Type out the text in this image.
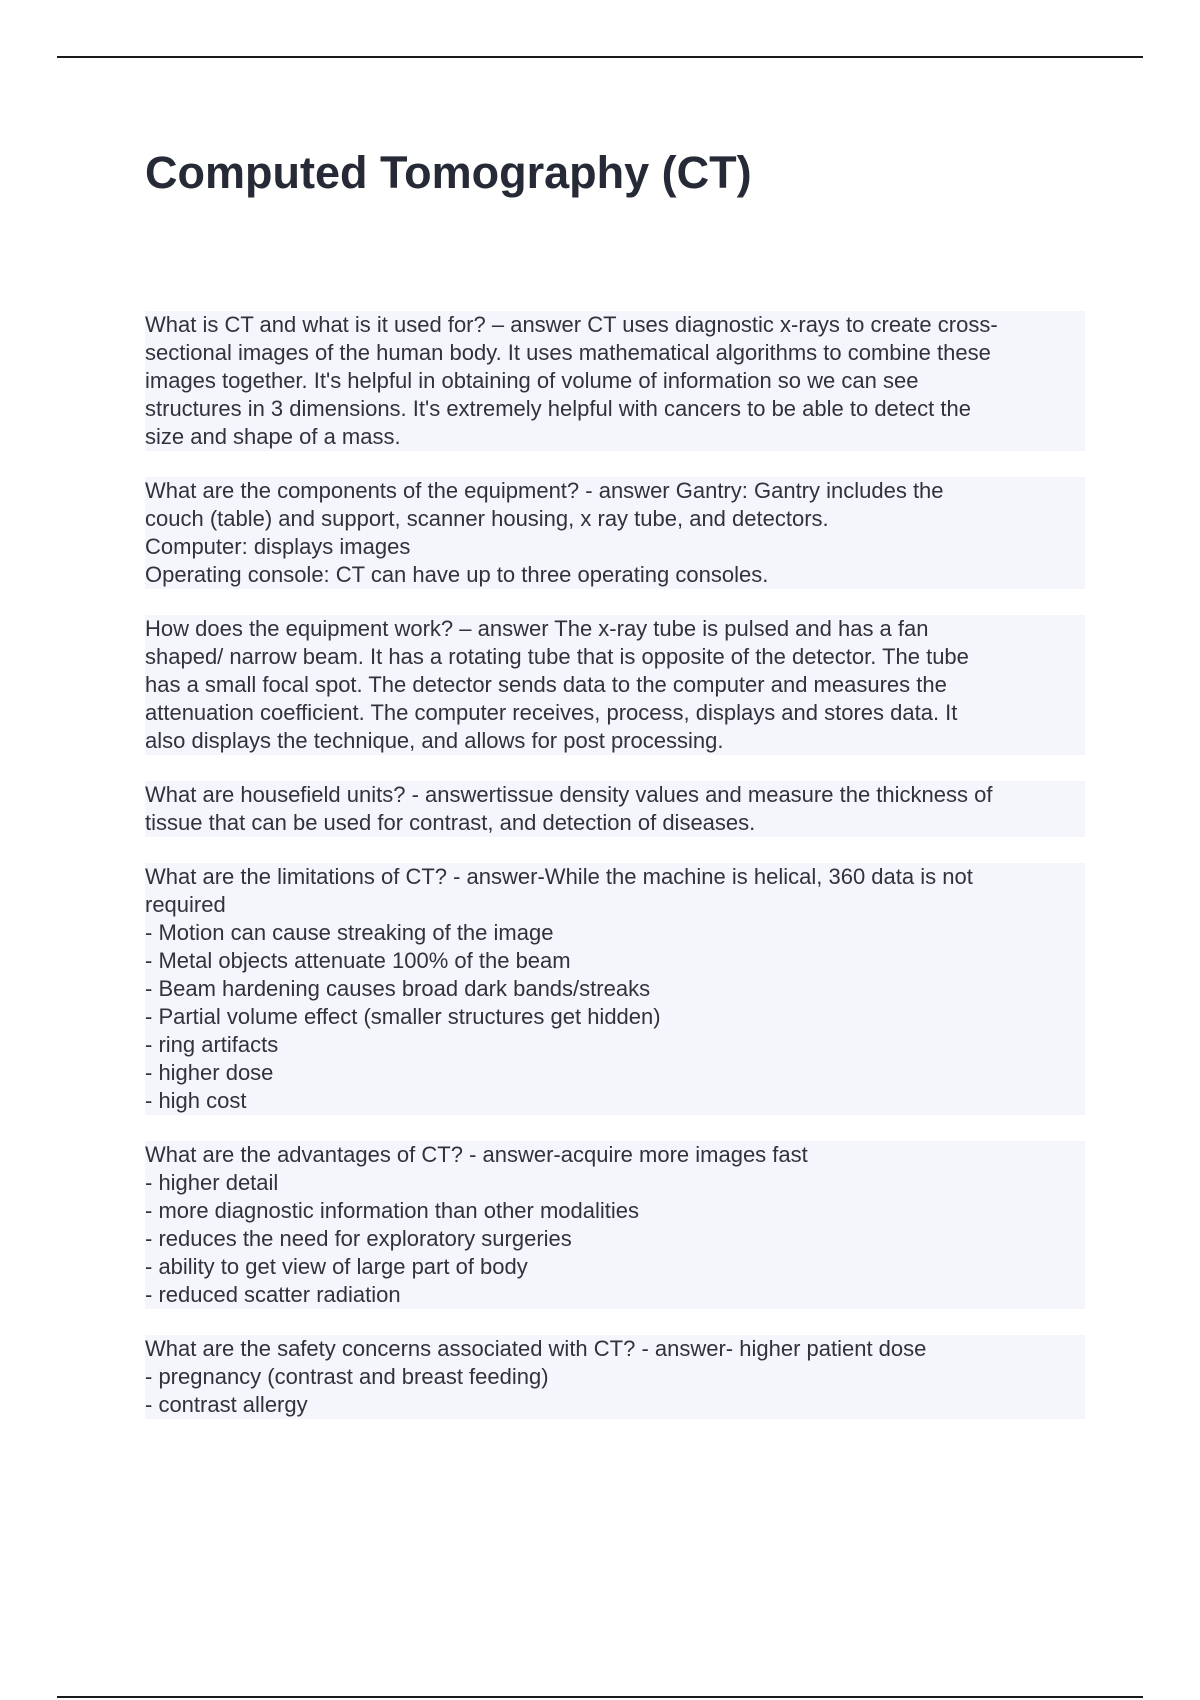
Computed Tomography (CT)
What is CT and what is it used for? – answer CT uses diagnostic x-rays to create cross-
sectional images of the human body. It uses mathematical algorithms to combine these
images together. It's helpful in obtaining of volume of information so we can see
structures in 3 dimensions. It's extremely helpful with cancers to be able to detect the
size and shape of a mass.
What are the components of the equipment? - answer Gantry: Gantry includes the
couch (table) and support, scanner housing, x ray tube, and detectors.
Computer: displays images
Operating console: CT can have up to three operating consoles.
How does the equipment work? – answer The x-ray tube is pulsed and has a fan
shaped/ narrow beam. It has a rotating tube that is opposite of the detector. The tube
has a small focal spot. The detector sends data to the computer and measures the
attenuation coefficient. The computer receives, process, displays and stores data. It
also displays the technique, and allows for post processing.
What are housefield units? - answertissue density values and measure the thickness of
tissue that can be used for contrast, and detection of diseases.
What are the limitations of CT? - answer-While the machine is helical, 360 data is not
required
- Motion can cause streaking of the image
- Metal objects attenuate 100% of the beam
- Beam hardening causes broad dark bands/streaks
- Partial volume effect (smaller structures get hidden)
- ring artifacts
- higher dose
- high cost
What are the advantages of CT? - answer-acquire more images fast
- higher detail
- more diagnostic information than other modalities
- reduces the need for exploratory surgeries
- ability to get view of large part of body
- reduced scatter radiation
What are the safety concerns associated with CT? - answer- higher patient dose
- pregnancy (contrast and breast feeding)
- contrast allergy
